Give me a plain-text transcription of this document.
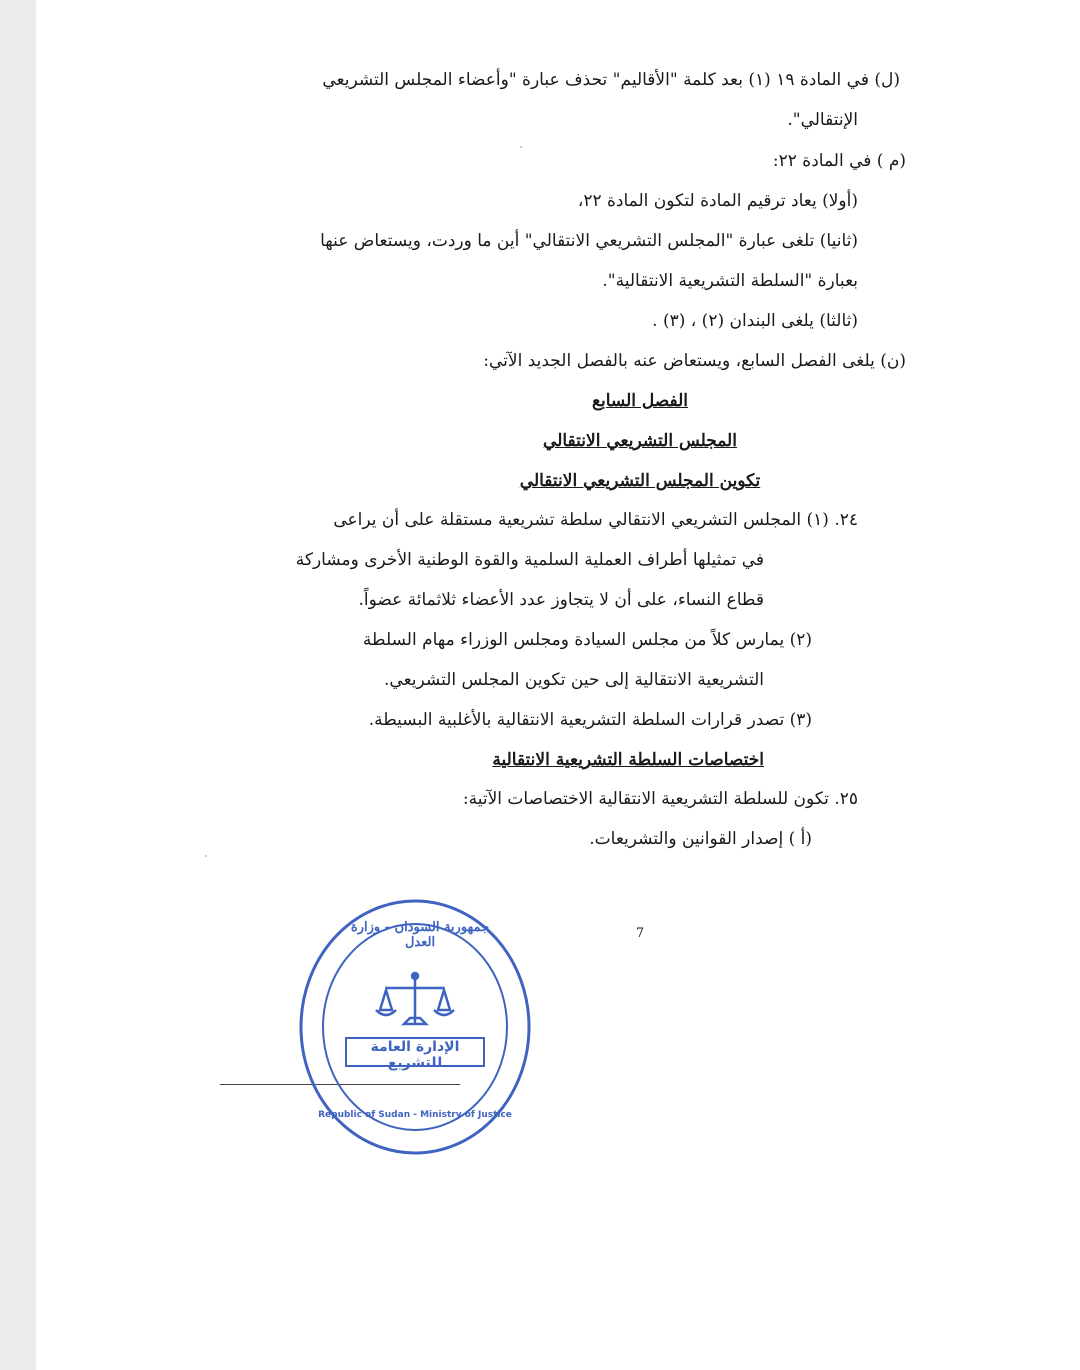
(ل) في المادة ١٩ (١) بعد كلمة "الأقاليم" تحذف عبارة "وأعضاء المجلس التشريعي
الإنتقالي".
(م ) في المادة ٢٢:
(أولا) يعاد ترقيم المادة لتكون المادة ٢٢،
(ثانيا) تلغى عبارة "المجلس التشريعي الانتقالي" أين ما وردت، ويستعاض عنها
بعبارة "السلطة التشريعية الانتقالية".
(ثالثا) يلغى البندان (٢) ، (٣) .
(ن) يلغى الفصل السابع، ويستعاض عنه بالفصل الجديد الآتي:
الفصل السابع
المجلس التشريعي الانتقالي
تكوين المجلس التشريعي الانتقالي
٢٤. (١) المجلس التشريعي الانتقالي سلطة تشريعية مستقلة على أن يراعى
في تمثيلها أطراف العملية السلمية والقوة الوطنية الأخرى ومشاركة
قطاع النساء، على أن لا يتجاوز عدد الأعضاء ثلاثمائة عضواً.
(٢) يمارس كلاً من مجلس السيادة ومجلس الوزراء مهام السلطة
التشريعية الانتقالية إلى حين تكوين المجلس التشريعي.
(٣) تصدر قرارات السلطة التشريعية الانتقالية بالأغلبية البسيطة.
اختصاصات السلطة التشريعية الانتقالية
٢٥. تكون للسلطة التشريعية الانتقالية الاختصاصات الآتية:
(أ ) إصدار القوانين والتشريعات.
7
جمهورية السودان - وزارة العدل
الإدارة العامة للتشريع
Republic of Sudan - Ministry of Justice
